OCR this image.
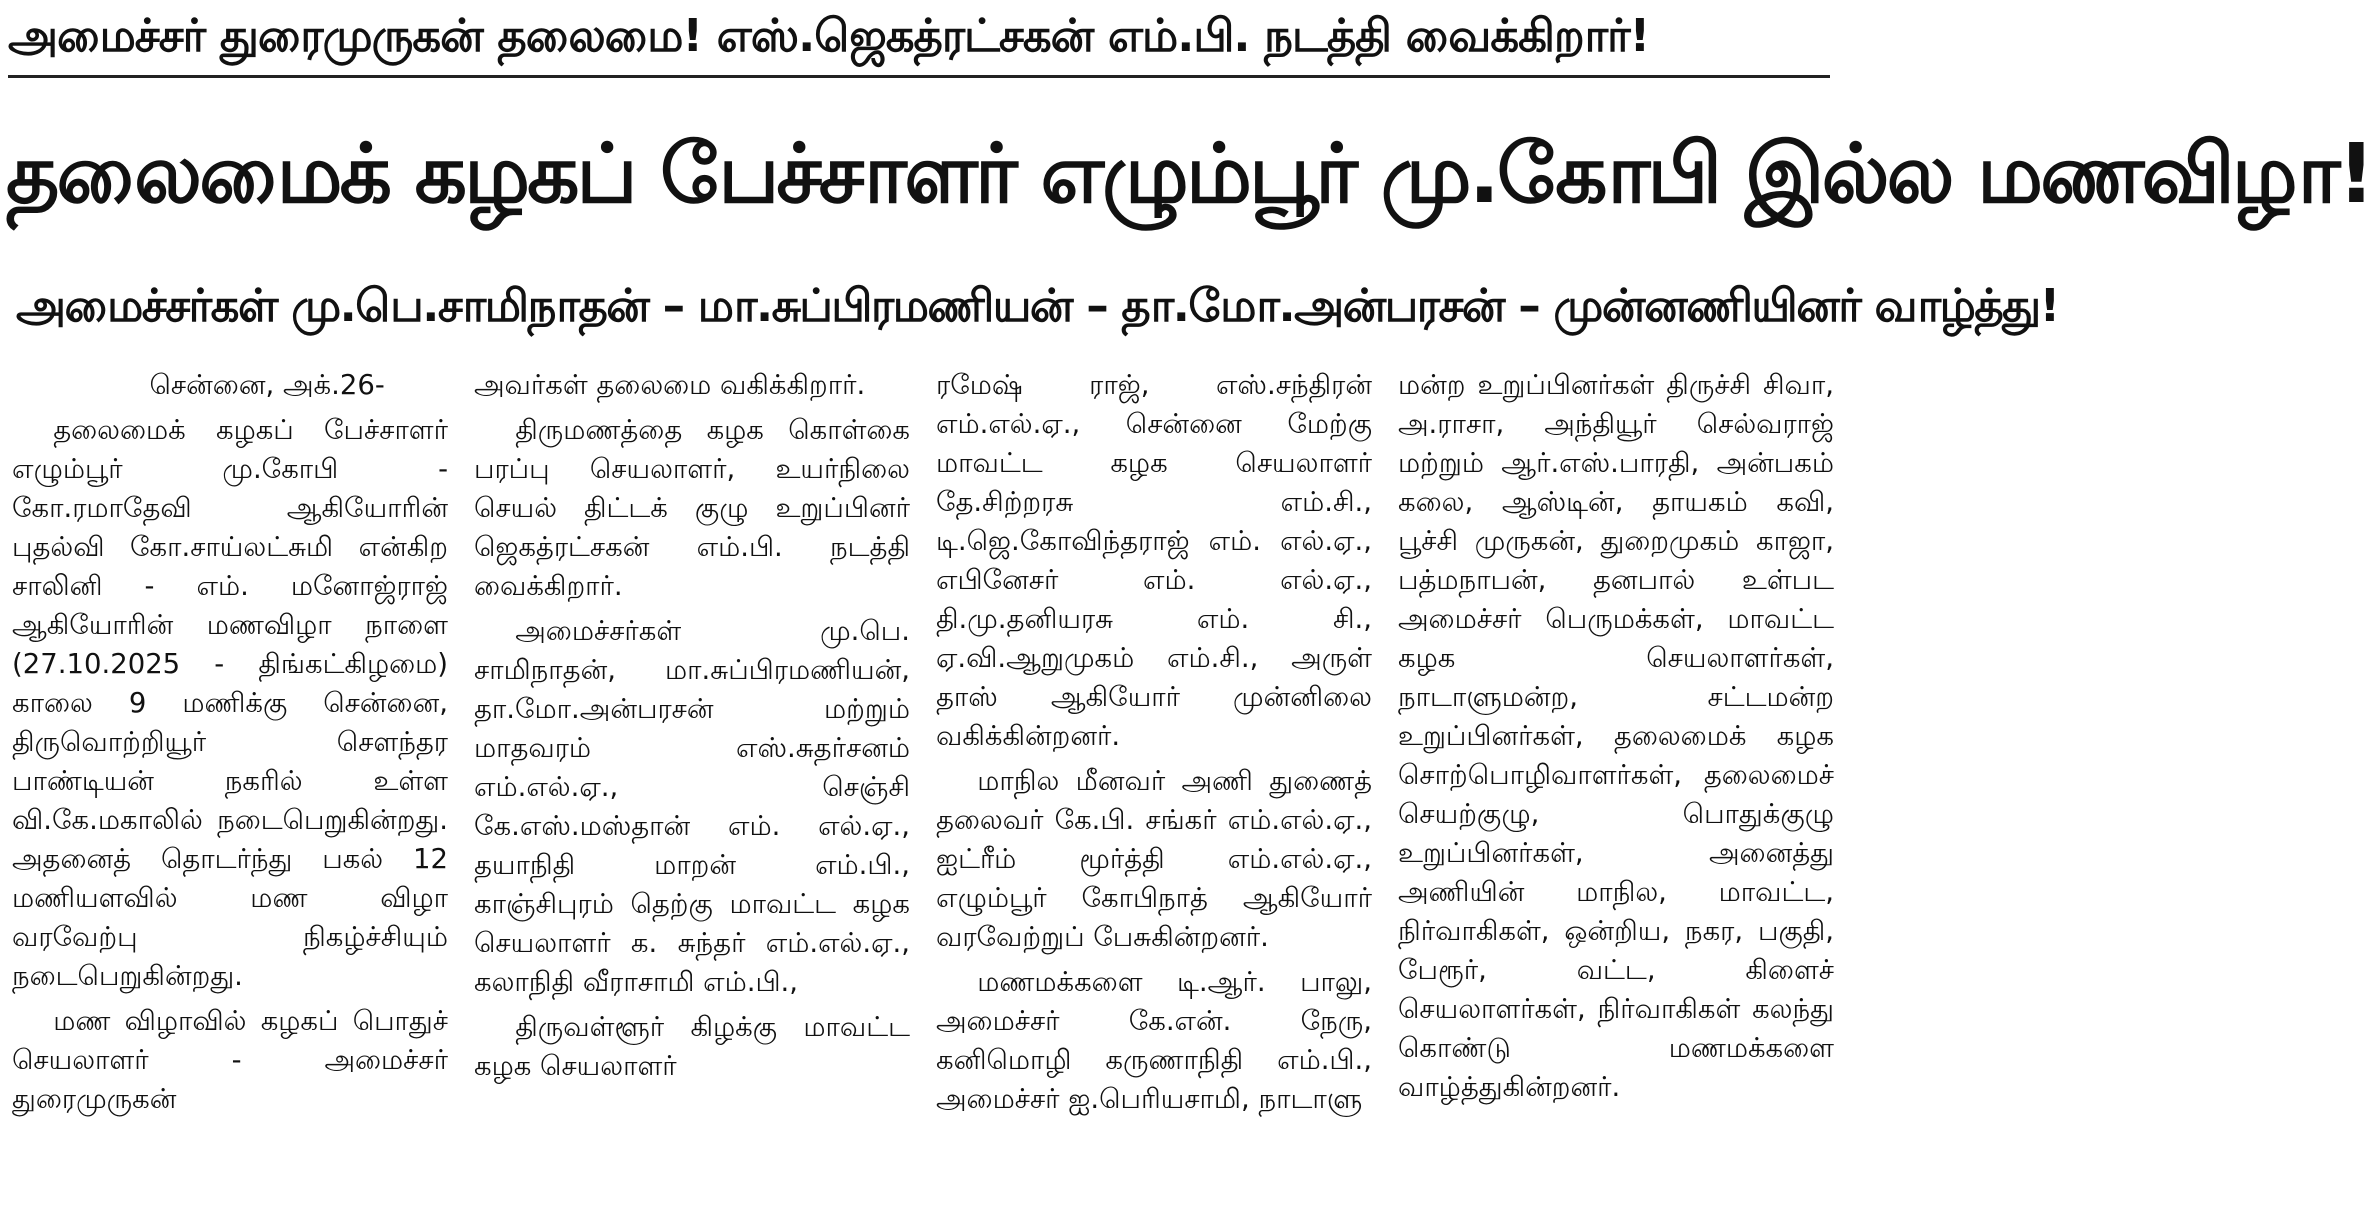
அமைச்சர் துரைமுருகன் தலைமை! எஸ்.ஜெகத்ரட்சகன் எம்.பி. நடத்தி வைக்கிறார்!
தலைமைக் கழகப் பேச்சாளர் எழும்பூர் மு.கோபி இல்ல மணவிழா!
அமைச்சர்கள் மு.பெ.சாமிநாதன் – மா.சுப்பிரமணியன் – தா.மோ.அன்பரசன் – முன்னணியினர் வாழ்த்து!

சென்னை, அக்.26-

தலைமைக் கழகப் பேச்சாளர் எழும்பூர் மு.கோபி - கோ.ரமாதேவி ஆகியோரின் புதல்வி கோ.சாய்லட்சுமி என்கிற சாலினி - எம். மனோஜ்ராஜ் ஆகியோரின் மணவிழா நாளை (27.10.2025 - திங்கட்கிழமை) காலை 9 மணிக்கு சென்னை, திருவொற்றியூர் சௌந்தர பாண்டியன் நகரில் உள்ள வி.கே.மகாலில் நடைபெறுகின்றது. அதனைத் தொடர்ந்து பகல் 12 மணியளவில் மண விழா வரவேற்பு நிகழ்ச்சியும் நடைபெறுகின்றது.

மண விழாவில் கழகப் பொதுச் செயலாளர் - அமைச்சர் துரைமுருகன்

அவர்கள் தலைமை வகிக்கிறார்.

திருமணத்தை கழக கொள்கை பரப்பு செயலாளர், உயர்நிலை செயல் திட்டக் குழு உறுப்பினர் ஜெகத்ரட்சகன் எம்.பி. நடத்தி வைக்கிறார்.

அமைச்சர்கள் மு.பெ. சாமிநாதன், மா.சுப்பிரமணியன், தா.மோ.அன்பரசன் மற்றும் மாதவரம் எஸ்.சுதர்சனம் எம்.எல்.ஏ., செஞ்சி கே.எஸ்.மஸ்தான் எம். எல்.ஏ., தயாநிதி மாறன் எம்.பி., காஞ்சிபுரம் தெற்கு மாவட்ட கழக செயலாளர் க. சுந்தர் எம்.எல்.ஏ., கலாநிதி வீராசாமி எம்.பி.,

திருவள்ளூர் கிழக்கு மாவட்ட கழக செயலாளர்

ரமேஷ் ராஜ், எஸ்.சந்திரன் எம்.எல்.ஏ., சென்னை மேற்கு மாவட்ட கழக செயலாளர் தே.சிற்றரசு எம்.சி., டி.ஜெ.கோவிந்தராஜ் எம். எல்.ஏ., எபினேசர் எம். எல்.ஏ., தி.மு.தனியரசு எம். சி., ஏ.வி.ஆறுமுகம் எம்.சி., அருள் தாஸ் ஆகியோர் முன்னிலை வகிக்கின்றனர்.

மாநில மீனவர் அணி துணைத் தலைவர் கே.பி. சங்கர் எம்.எல்.ஏ., ஐட்ரீம் மூர்த்தி எம்.எல்.ஏ., எழும்பூர் கோபிநாத் ஆகியோர் வரவேற்றுப் பேசுகின்றனர்.

மணமக்களை டி.ஆர். பாலு, அமைச்சர் கே.என். நேரு, கனிமொழி கருணாநிதி எம்.பி., அமைச்சர் ஐ.பெரியசாமி, நாடாளு

மன்ற உறுப்பினர்கள் திருச்சி சிவா, அ.ராசா, அந்தியூர் செல்வராஜ் மற்றும் ஆர்.எஸ்.பாரதி, அன்பகம் கலை, ஆஸ்டின், தாயகம் கவி, பூச்சி முருகன், துறைமுகம் காஜா, பத்மநாபன், தனபால் உள்பட அமைச்சர் பெருமக்கள், மாவட்ட கழக செயலாளர்கள், நாடாளுமன்ற, சட்டமன்ற உறுப்பினர்கள், தலைமைக் கழக சொற்பொழிவாளர்கள், தலைமைச் செயற்குழு, பொதுக்குழு உறுப்பினர்கள், அனைத்து அணியின் மாநில, மாவட்ட, நிர்வாகிகள், ஒன்றிய, நகர, பகுதி, பேரூர், வட்ட, கிளைச் செயலாளர்கள், நிர்வாகிகள் கலந்து கொண்டு மணமக்களை வாழ்த்துகின்றனர்.
